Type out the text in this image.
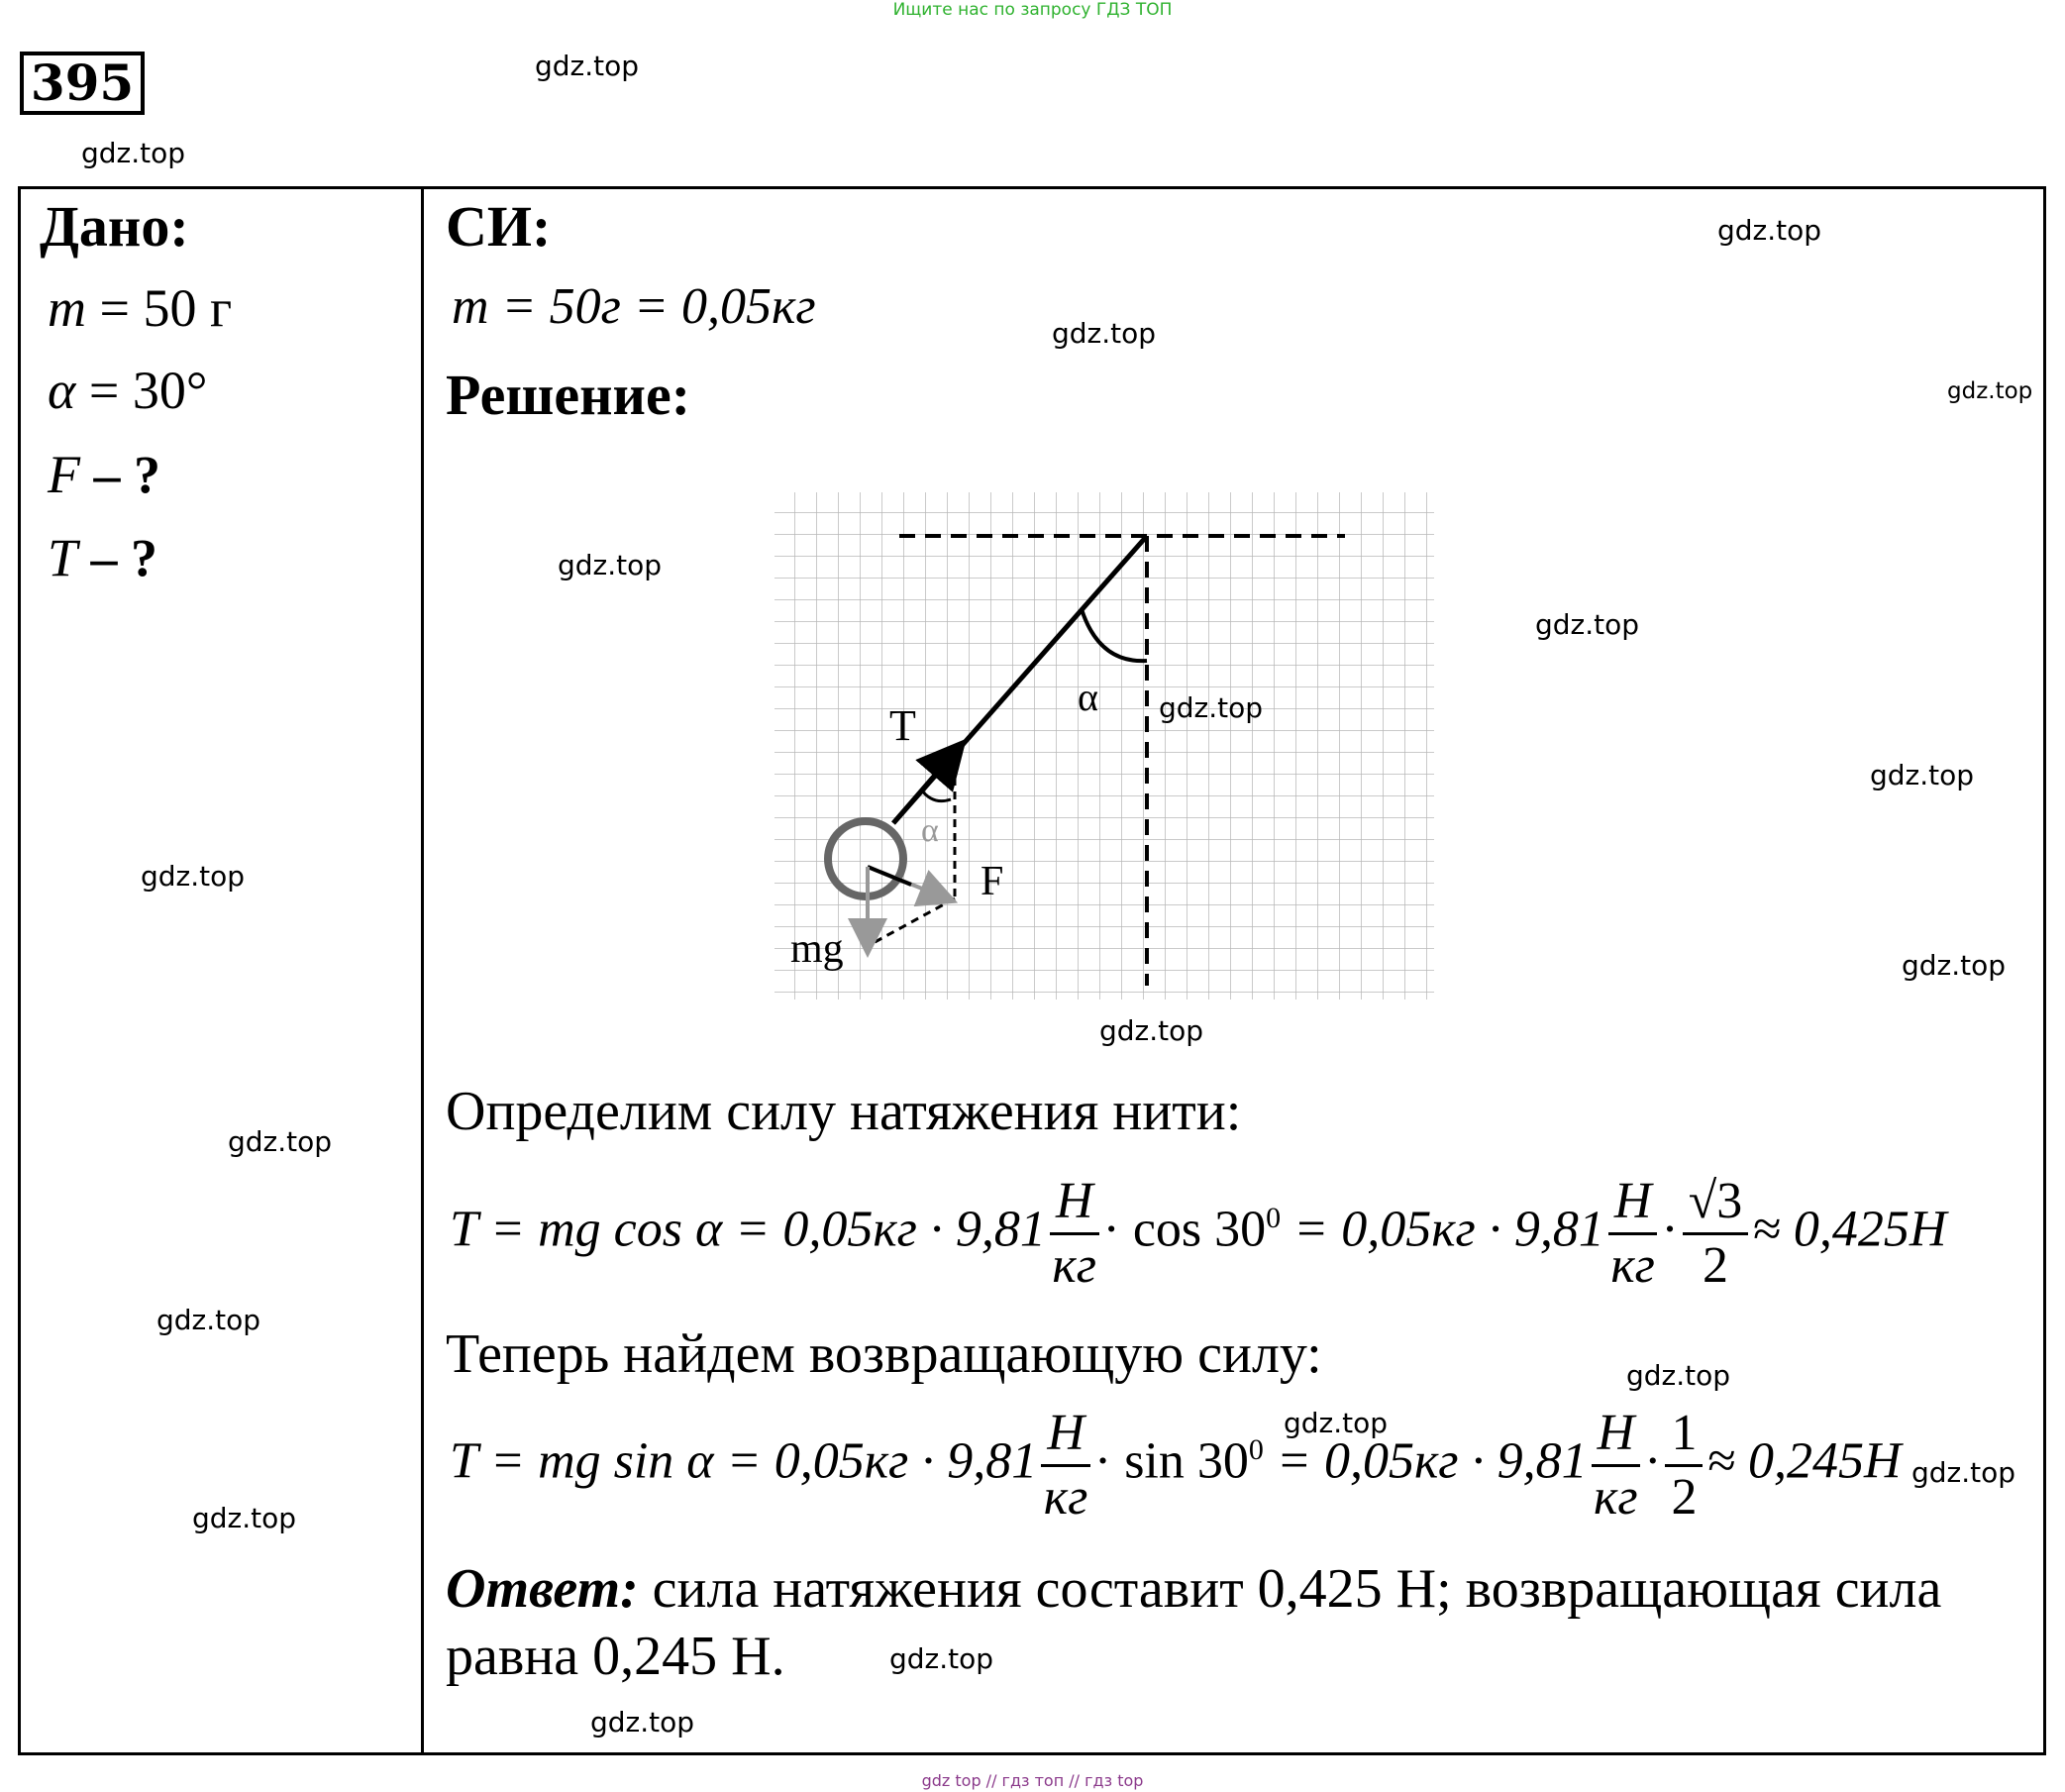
Ищите нас по запросу ГДЗ ТОП
gdz top // гдз топ // гдз top
395
Дано:
m = 50 г
α = 30°
F – ?
T – ?
СИ:
m = 50г = 0,05кг
Решение:
T
α
α
F
mg
Определим силу натяжения нити:
T = mg $\cos \alpha = 0,05кг \cdot 9,81 \frac{Н}{кг} \cdot \cos 30^0 = 0,05кг \cdot 9,81 \frac{Н}{кг} \cdot \frac{√3}{2} \approx 0,425Н$
Теперь найдем возвращающую силу:
T = mg $\sin \alpha = 0,05кг \cdot 9,81 \frac{Н}{кг} \cdot \sin 30^0 = 0,05кг \cdot 9,81 \frac{Н}{кг} \cdot \frac{1}{2} \approx 0,245Н$
Ответ: сила натяжения составит 0,425 Н; возвращающая сила
равна 0,245 Н.
gdz.top
gdz.top
gdz.top
gdz.top
gdz.top
gdz.top
gdz.top
gdz.top
gdz.top
gdz.top
gdz.top
gdz.top
gdz.top
gdz.top
gdz.top
gdz.top
gdz.top
gdz.top
gdz.top
gdz.top
